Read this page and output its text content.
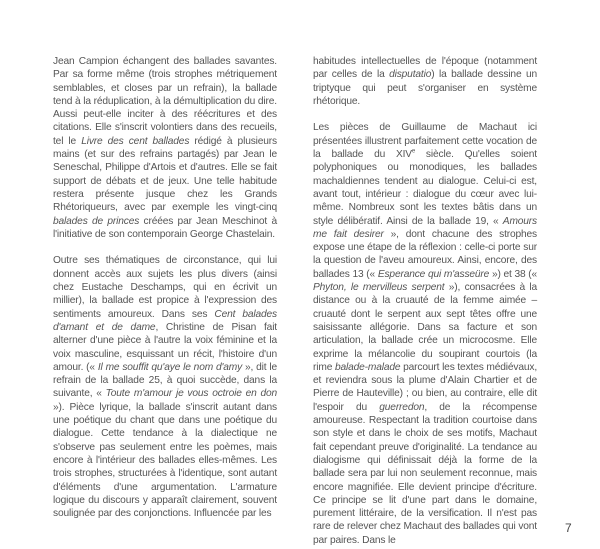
Jean Campion échangent des ballades savantes. Par sa forme même (trois strophes métriquement semblables, et closes par un refrain), la ballade tend à la réduplication, à la démultiplication du dire. Aussi peut-elle inciter à des réécritures et des citations. Elle s'inscrit volontiers dans des recueils, tel le Livre des cent ballades rédigé à plusieurs mains (et sur des refrains partagés) par Jean le Seneschal, Philippe d'Artois et d'autres. Elle se fait support de débats et de jeux. Une telle habitude restera présente jusque chez les Grands Rhétoriqueurs, avec par exemple les vingt-cinq balades de princes créées par Jean Meschinot à l'initiative de son contemporain George Chastelain.

Outre ses thématiques de circonstance, qui lui donnent accès aux sujets les plus divers (ainsi chez Eustache Deschamps, qui en écrivit un millier), la ballade est propice à l'expression des sentiments amoureux. Dans ses Cent balades d'amant et de dame, Christine de Pisan fait alterner d'une pièce à l'autre la voix féminine et la voix masculine, esquissant un récit, l'histoire d'un amour. (« Il me souffit qu'aye le nom d'amy », dit le refrain de la ballade 25, à quoi succède, dans la suivante, « Toute m'amour je vous octroie en don »). Pièce lyrique, la ballade s'inscrit autant dans une poétique du chant que dans une poétique du dialogue. Cette tendance à la dialectique ne s'observe pas seulement entre les poèmes, mais encore à l'intérieur des ballades elles-mêmes. Les trois strophes, structurées à l'identique, sont autant d'éléments d'une argumentation. L'armature logique du discours y apparaît clairement, souvent soulignée par des conjonctions. Influencée par les

habitudes intellectuelles de l'époque (notamment par celles de la disputatio) la ballade dessine un triptyque qui peut s'organiser en système rhétorique.

Les pièces de Guillaume de Machaut ici présentées illustrent parfaitement cette vocation de la ballade du XIVe siècle. Qu'elles soient polyphoniques ou monodiques, les ballades machaldiennes tendent au dialogue. Celui-ci est, avant tout, intérieur : dialogue du cœur avec lui-même. Nombreux sont les textes bâtis dans un style délibératif. Ainsi de la ballade 19, « Amours me fait desirer », dont chacune des strophes expose une étape de la réflexion : celle-ci porte sur la question de l'aveu amoureux. Ainsi, encore, des ballades 13 (« Esperance qui m'asseüre ») et 38 (« Phyton, le mervilleus serpent »), consacrées à la distance ou à la cruauté de la femme aimée – cruauté dont le serpent aux sept têtes offre une saisissante allégorie. Dans sa facture et son articulation, la ballade crée un microcosme. Elle exprime la mélancolie du soupirant courtois (la rime balade-malade parcourt les textes médiévaux, et reviendra sous la plume d'Alain Chartier et de Pierre de Hauteville) ; ou bien, au contraire, elle dit l'espoir du guerredon, de la récompense amoureuse. Respectant la tradition courtoise dans son style et dans le choix de ses motifs, Machaut fait cependant preuve d'originalité. La tendance au dialogisme qui définissait déjà la forme de la ballade sera par lui non seulement reconnue, mais encore magnifiée. Elle devient principe d'écriture. Ce principe se lit d'une part dans le domaine, purement littéraire, de la versification. Il n'est pas rare de relever chez Machaut des ballades qui vont par paires. Dans le

7
